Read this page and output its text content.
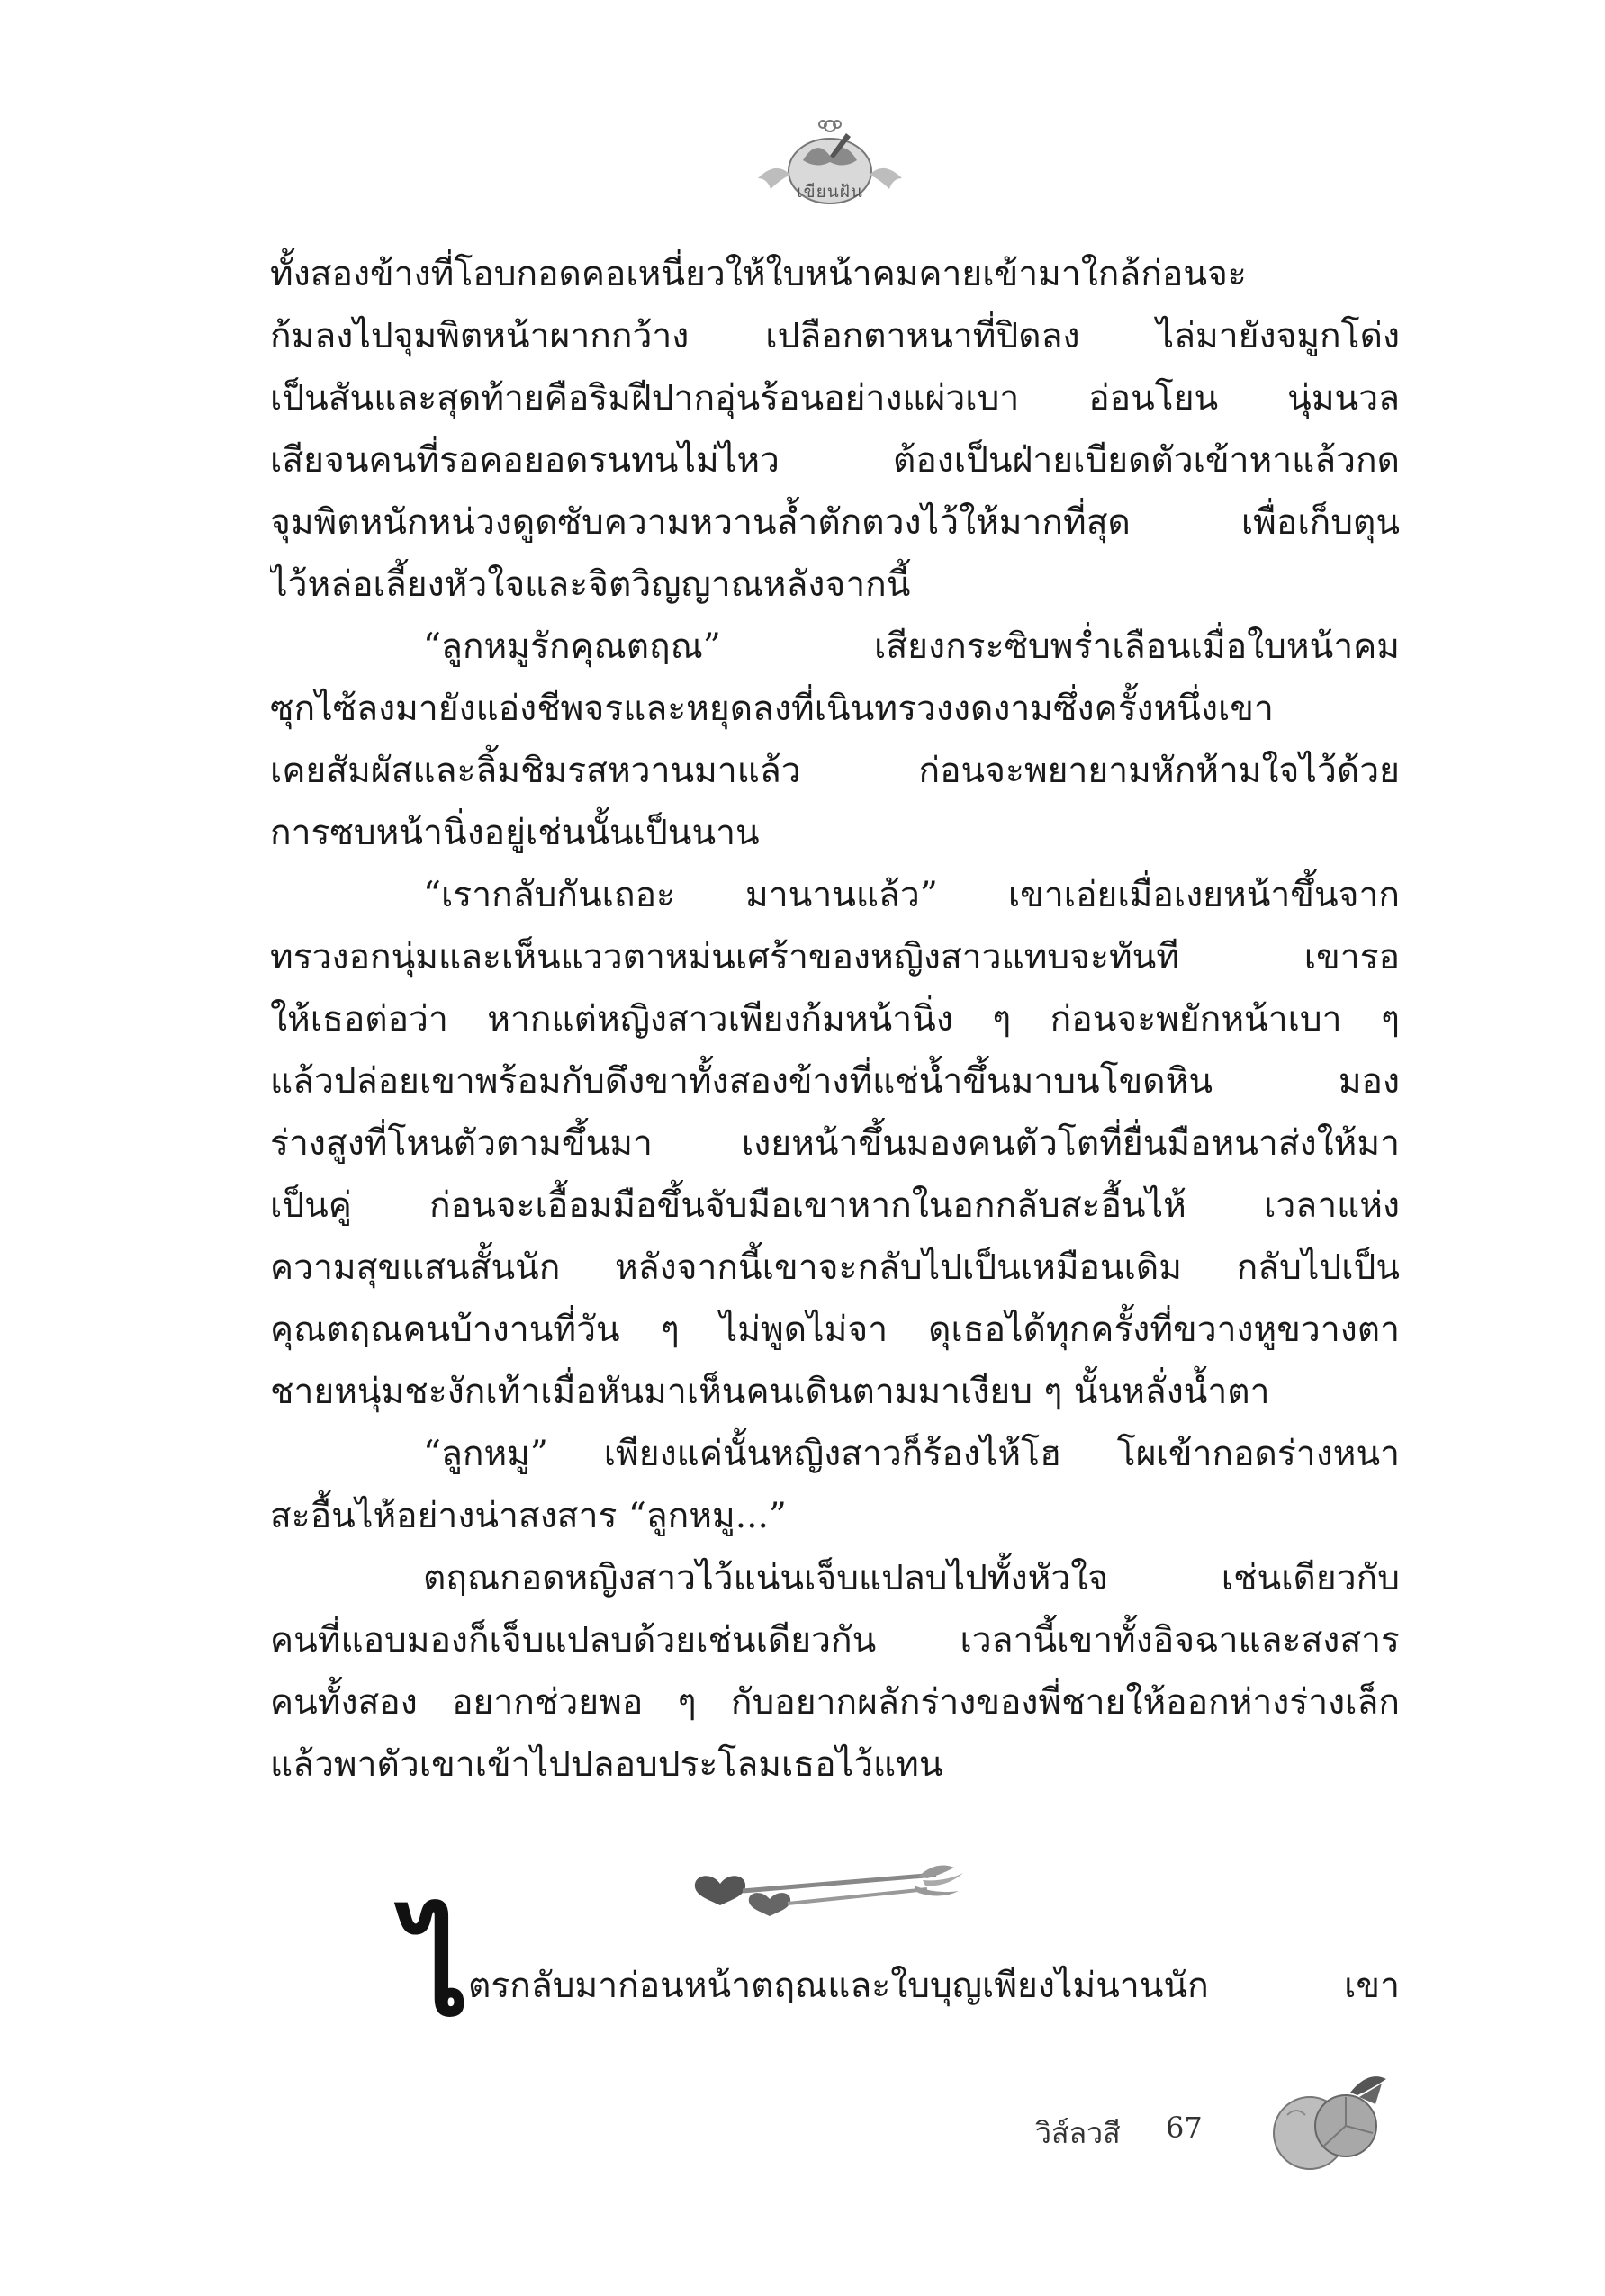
เขียนฝัน
ทั้งสองข้างที่โอบกอดคอเหนี่ยวให้ใบหน้าคมคายเข้ามาใกล้ก่อนจะ
ก้มลงไปจุมพิตหน้าผากกว้าง เปลือกตาหนาที่ปิดลง ไล่มายังจมูกโด่ง
เป็นสันและสุดท้ายคือริมฝีปากอุ่นร้อนอย่างแผ่วเบา อ่อนโยน นุ่มนวล
เสียจนคนที่รอคอยอดรนทนไม่ไหว ต้องเป็นฝ่ายเบียดตัวเข้าหาแล้วกด
จุมพิตหนักหน่วงดูดซับความหวานล้ำตักตวงไว้ให้มากที่สุด เพื่อเก็บตุน
ไว้หล่อเลี้ยงหัวใจและจิตวิญญาณหลังจากนี้
“ลูกหมูรักคุณตฤณ” เสียงกระซิบพร่ำเลือนเมื่อใบหน้าคม
ซุกไซ้ลงมายังแอ่งชีพจรและหยุดลงที่เนินทรวงงดงามซึ่งครั้งหนึ่งเขา
เคยสัมผัสและลิ้มชิมรสหวานมาแล้ว ก่อนจะพยายามหักห้ามใจไว้ด้วย
การซบหน้านิ่งอยู่เช่นนั้นเป็นนาน
“เรากลับกันเถอะ มานานแล้ว” เขาเอ่ยเมื่อเงยหน้าขึ้นจาก
ทรวงอกนุ่มและเห็นแววตาหม่นเศร้าของหญิงสาวแทบจะทันที เขารอ
ให้เธอต่อว่า หากแต่หญิงสาวเพียงก้มหน้านิ่ง ๆ ก่อนจะพยักหน้าเบา ๆ
แล้วปล่อยเขาพร้อมกับดึงขาทั้งสองข้างที่แช่น้ำขึ้นมาบนโขดหิน มอง
ร่างสูงที่โหนตัวตามขึ้นมา เงยหน้าขึ้นมองคนตัวโตที่ยื่นมือหนาส่งให้มา
เป็นคู่ ก่อนจะเอื้อมมือขึ้นจับมือเขาหากในอกกลับสะอื้นไห้ เวลาแห่ง
ความสุขแสนสั้นนัก หลังจากนี้เขาจะกลับไปเป็นเหมือนเดิม กลับไปเป็น
คุณตฤณคนบ้างานที่วัน ๆ ไม่พูดไม่จา ดุเธอได้ทุกครั้งที่ขวางหูขวางตา
ชายหนุ่มชะงักเท้าเมื่อหันมาเห็นคนเดินตามมาเงียบ ๆ นั้นหลั่งน้ำตา
“ลูกหมู” เพียงแค่นั้นหญิงสาวก็ร้องไห้โฮ โผเข้ากอดร่างหนา
สะอื้นไห้อย่างน่าสงสาร “ลูกหมู...”
ตฤณกอดหญิงสาวไว้แน่นเจ็บแปลบไปทั้งหัวใจ เช่นเดียวกับ
คนที่แอบมองก็เจ็บแปลบด้วยเช่นเดียวกัน เวลานี้เขาทั้งอิจฉาและสงสาร
คนทั้งสอง อยากช่วยพอ ๆ กับอยากผลักร่างของพี่ชายให้ออกห่างร่างเล็ก
แล้วพาตัวเขาเข้าไปปลอบประโลมเธอไว้แทน
ไ ตรกลับมาก่อนหน้าตฤณและใบบุญเพียงไม่นานนัก เขา
วิส์ลวสี 67
